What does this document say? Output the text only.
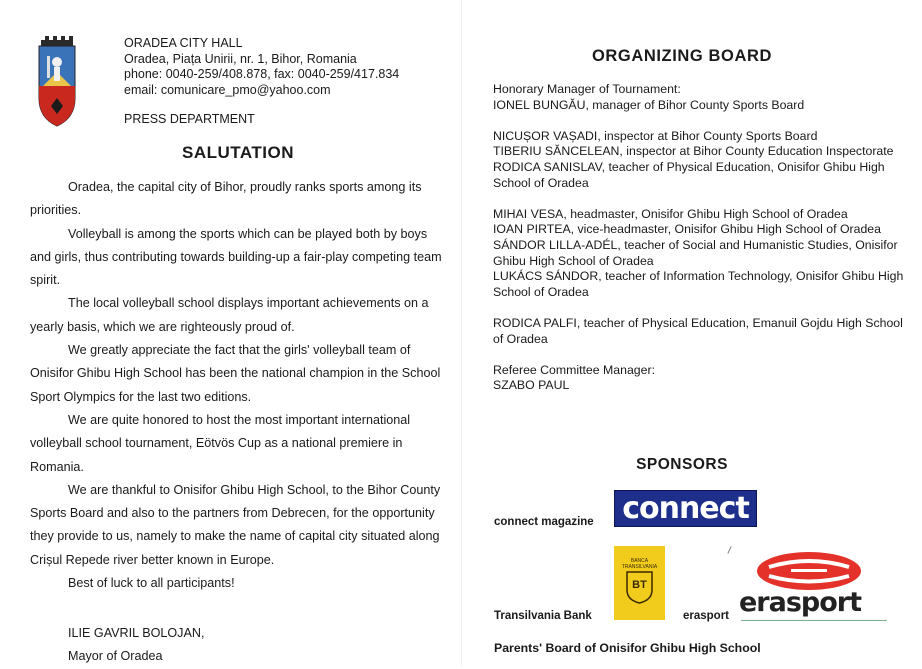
ORADEA CITY HALL
Oradea, Piața Unirii, nr. 1, Bihor, Romania
phone: 0040-259/408.878, fax: 0040-259/417.834
email: comunicare_pmo@yahoo.com
PRESS DEPARTMENT
SALUTATION

Oradea, the capital city of Bihor, proudly ranks sports among its priorities.

Volleyball is among the sports which can be played both by boys and girls, thus contributing towards building-up a fair-play competing team spirit.

The local volleyball school displays important achievements on a yearly basis, which we are righteously proud of.

We greatly appreciate the fact that the girls' volleyball team of Onisifor Ghibu High School has been the national champion in the School Sport Olympics for the last two editions.

We are quite honored to host the most important international volleyball school tournament, Eötvös Cup as a national premiere in Romania.

We are thankful to Onisifor Ghibu High School, to the Bihor County Sports Board and also to the partners from Debrecen, for the opportunity they provide to us, namely to make the name of capital city situated along Crișul Repede river better known in Europe.

Best of luck to all participants!

ILIE GAVRIL BOLOJAN,
Mayor of Oradea
ORGANIZING BOARD
Honorary Manager of Tournament:
IONEL BUNGĂU, manager of Bihor County Sports Board
NICUȘOR VAȘADI, inspector at Bihor County Sports Board
TIBERIU SĂNCELEAN, inspector at Bihor County Education Inspectorate
RODICA SANISLAV, teacher of Physical Education, Onisifor Ghibu High School of Oradea
MIHAI VESA, headmaster, Onisifor Ghibu High School of Oradea
IOAN PIRTEA, vice-headmaster, Onisifor Ghibu High School of Oradea
SÁNDOR LILLA-ADÉL, teacher of Social and Humanistic Studies, Onisifor Ghibu High School of Oradea
LUKÁCS SÁNDOR, teacher of Information Technology, Onisifor Ghibu High School of Oradea
RODICA PALFI, teacher of Physical Education, Emanuil Gojdu High School of Oradea
Referee Committee Manager:
SZABO PAUL
SPONSORS
connect magazine connect
BANCA TRANSILVANIA
BT
Transilvania Bank	erasport erasport
Parents' Board of Onisifor Ghibu High School
